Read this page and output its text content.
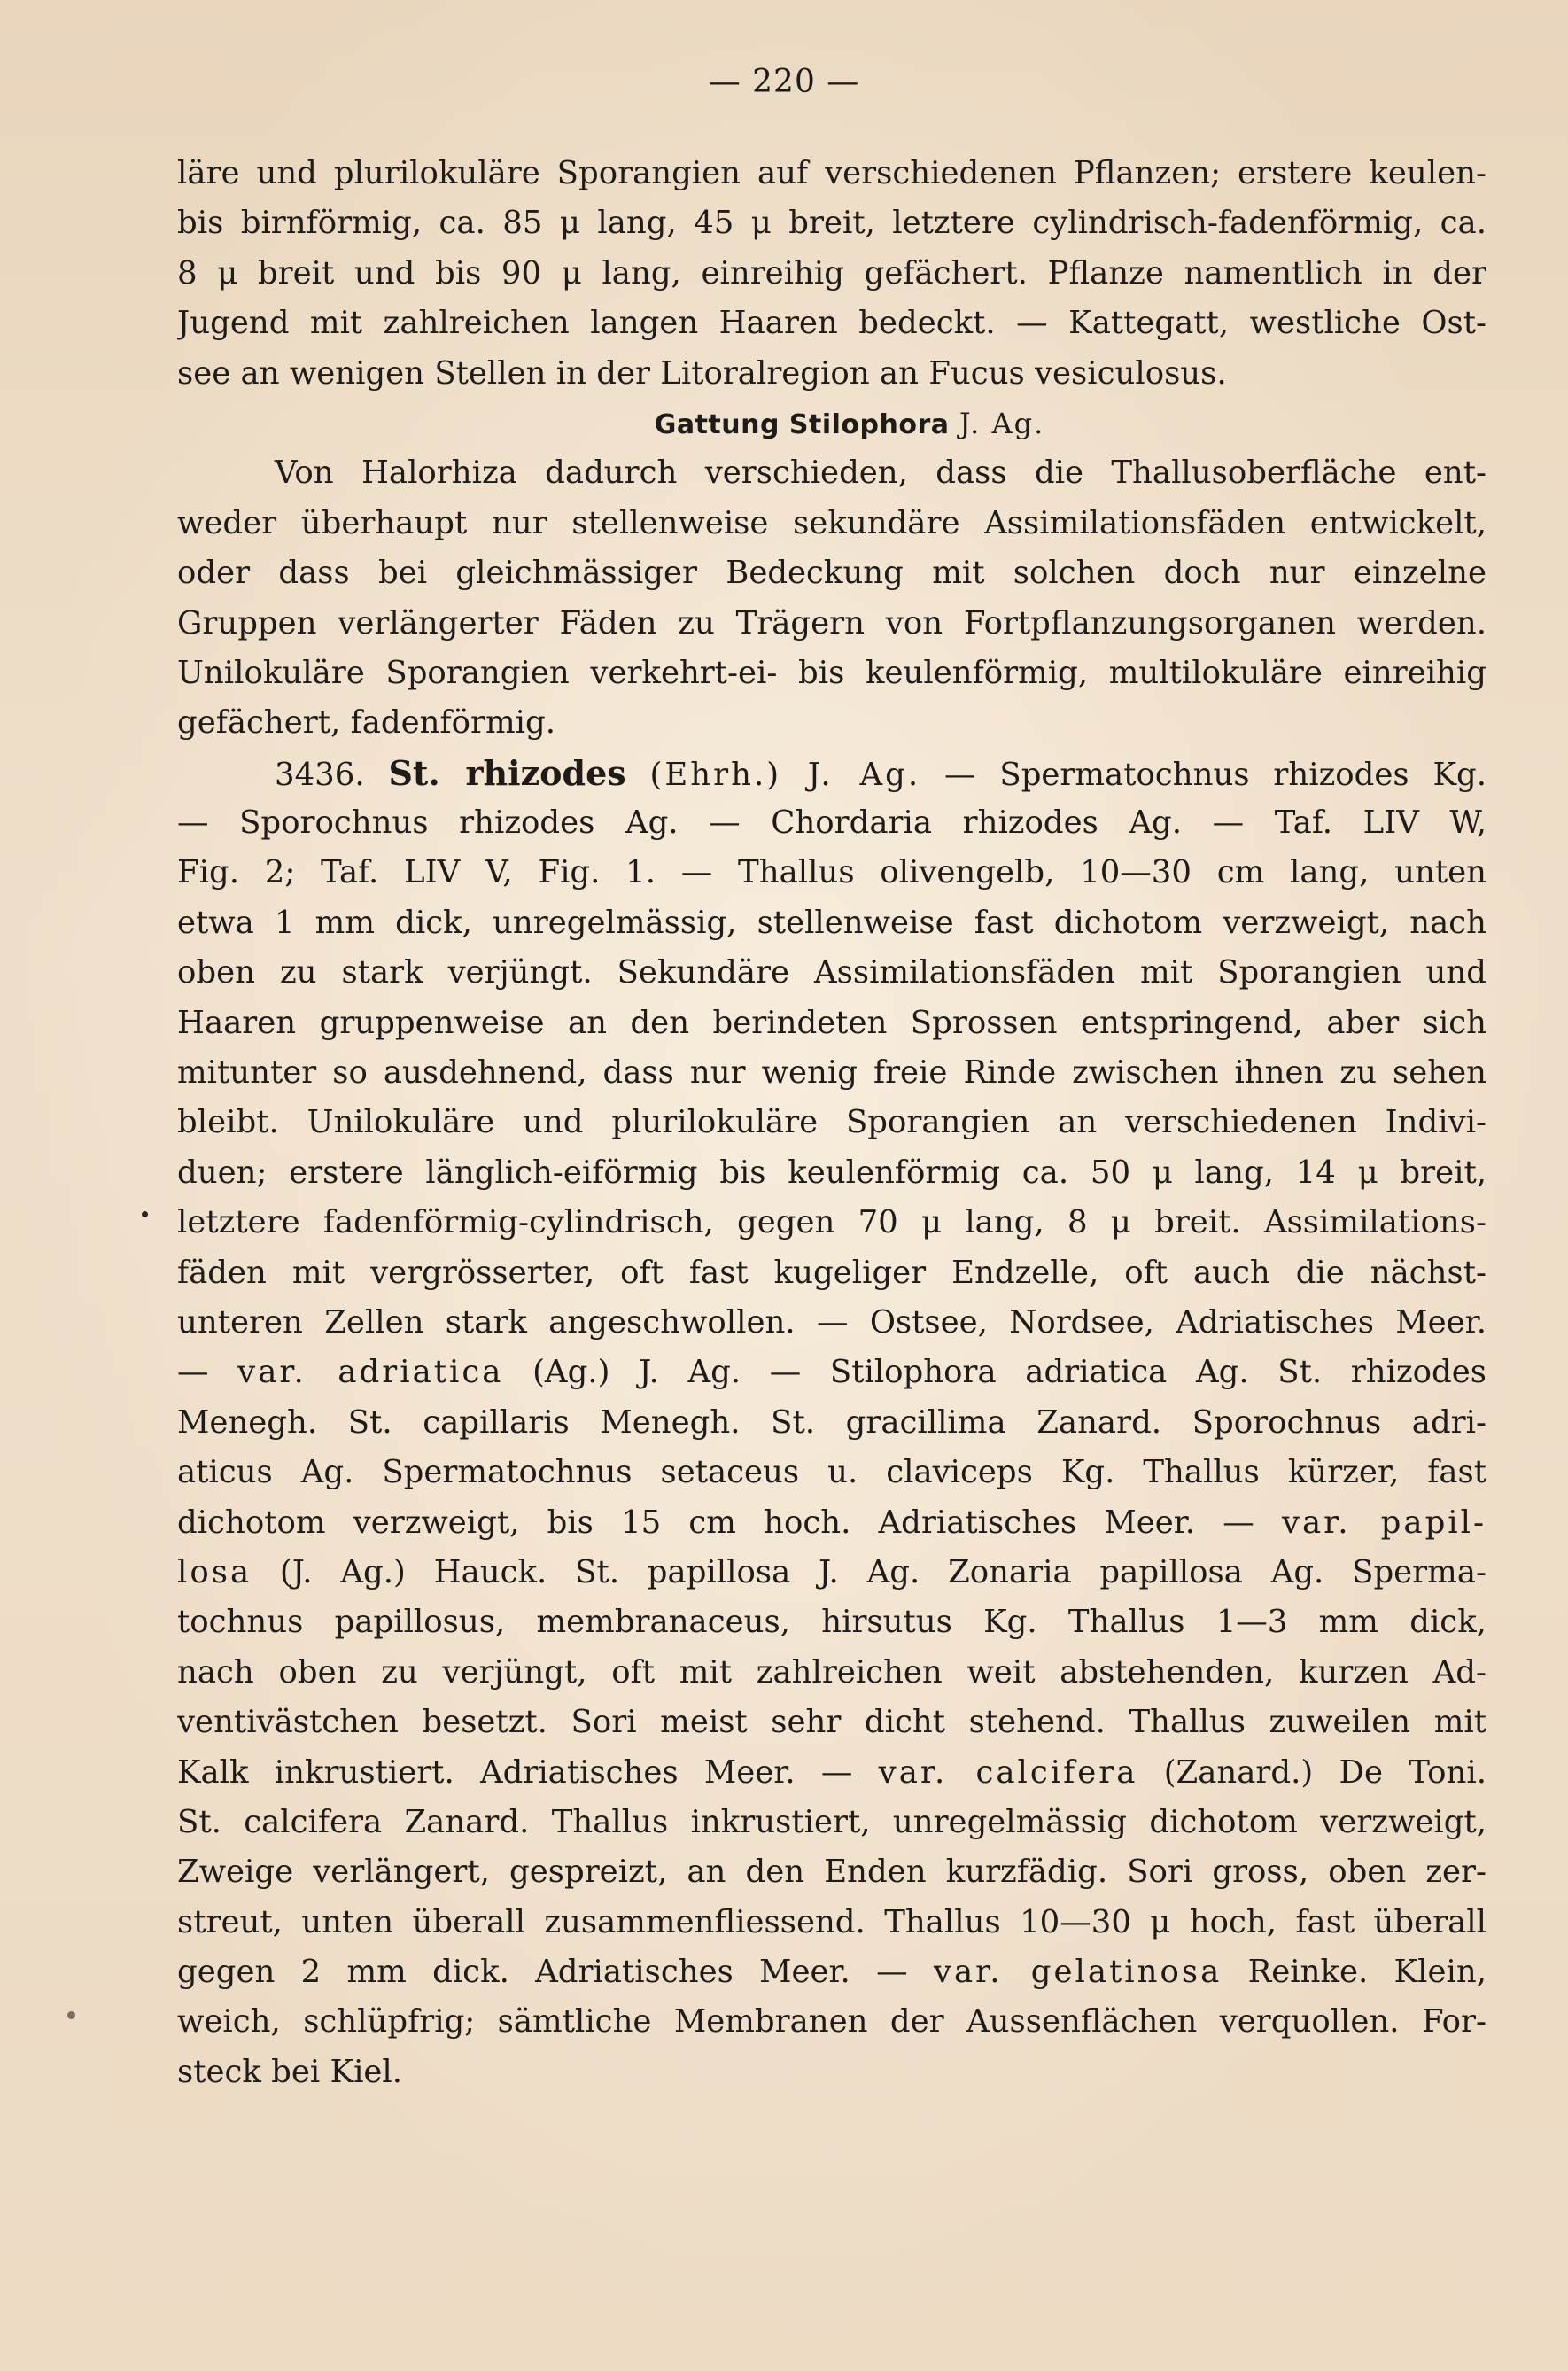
— 220 —
läre und plurilokuläre Sporangien auf verschiedenen Pflanzen; erstere keulen-
bis birnförmig, ca. 85 μ lang, 45 μ breit, letztere cylindrisch-fadenförmig, ca.
8 μ breit und bis 90 μ lang, einreihig gefächert. Pflanze namentlich in der
Jugend mit zahlreichen langen Haaren bedeckt. — Kattegatt, westliche Ost-
see an wenigen Stellen in der Litoralregion an Fucus vesiculosus.
Gattung Stilophora J. Ag.
Von Halorhiza dadurch verschieden, dass die Thallusoberfläche ent-
weder überhaupt nur stellenweise sekundäre Assimilationsfäden entwickelt,
oder dass bei gleichmässiger Bedeckung mit solchen doch nur einzelne
Gruppen verlängerter Fäden zu Trägern von Fortpflanzungsorganen werden.
Unilokuläre Sporangien verkehrt-ei- bis keulenförmig, multilokuläre einreihig
gefächert, fadenförmig.
3436. St. rhizodes (Ehrh.) J. Ag. — Spermatochnus rhizodes Kg.
— Sporochnus rhizodes Ag. — Chordaria rhizodes Ag. — Taf. LIV W,
Fig. 2; Taf. LIV V, Fig. 1. — Thallus olivengelb, 10—30 cm lang, unten
etwa 1 mm dick, unregelmässig, stellenweise fast dichotom verzweigt, nach
oben zu stark verjüngt. Sekundäre Assimilationsfäden mit Sporangien und
Haaren gruppenweise an den berindeten Sprossen entspringend, aber sich
mitunter so ausdehnend, dass nur wenig freie Rinde zwischen ihnen zu sehen
bleibt. Unilokuläre und plurilokuläre Sporangien an verschiedenen Indivi-
duen; erstere länglich-eiförmig bis keulenförmig ca. 50 μ lang, 14 μ breit,
letztere fadenförmig-cylindrisch, gegen 70 μ lang, 8 μ breit. Assimilations-
fäden mit vergrösserter, oft fast kugeliger Endzelle, oft auch die nächst-
unteren Zellen stark angeschwollen. — Ostsee, Nordsee, Adriatisches Meer.
— var. adriatica (Ag.) J. Ag. — Stilophora adriatica Ag. St. rhizodes
Menegh. St. capillaris Menegh. St. gracillima Zanard. Sporochnus adri-
aticus Ag. Spermatochnus setaceus u. claviceps Kg. Thallus kürzer, fast
dichotom verzweigt, bis 15 cm hoch. Adriatisches Meer. — var. papil-
losa (J. Ag.) Hauck. St. papillosa J. Ag. Zonaria papillosa Ag. Sperma-
tochnus papillosus, membranaceus, hirsutus Kg. Thallus 1—3 mm dick,
nach oben zu verjüngt, oft mit zahlreichen weit abstehenden, kurzen Ad-
ventivästchen besetzt. Sori meist sehr dicht stehend. Thallus zuweilen mit
Kalk inkrustiert. Adriatisches Meer. — var. calcifera (Zanard.) De Toni.
St. calcifera Zanard. Thallus inkrustiert, unregelmässig dichotom verzweigt,
Zweige verlängert, gespreizt, an den Enden kurzfädig. Sori gross, oben zer-
streut, unten überall zusammenfliessend. Thallus 10—30 μ hoch, fast überall
gegen 2 mm dick. Adriatisches Meer. — var. gelatinosa Reinke. Klein,
weich, schlüpfrig; sämtliche Membranen der Aussenflächen verquollen. For-
steck bei Kiel.
